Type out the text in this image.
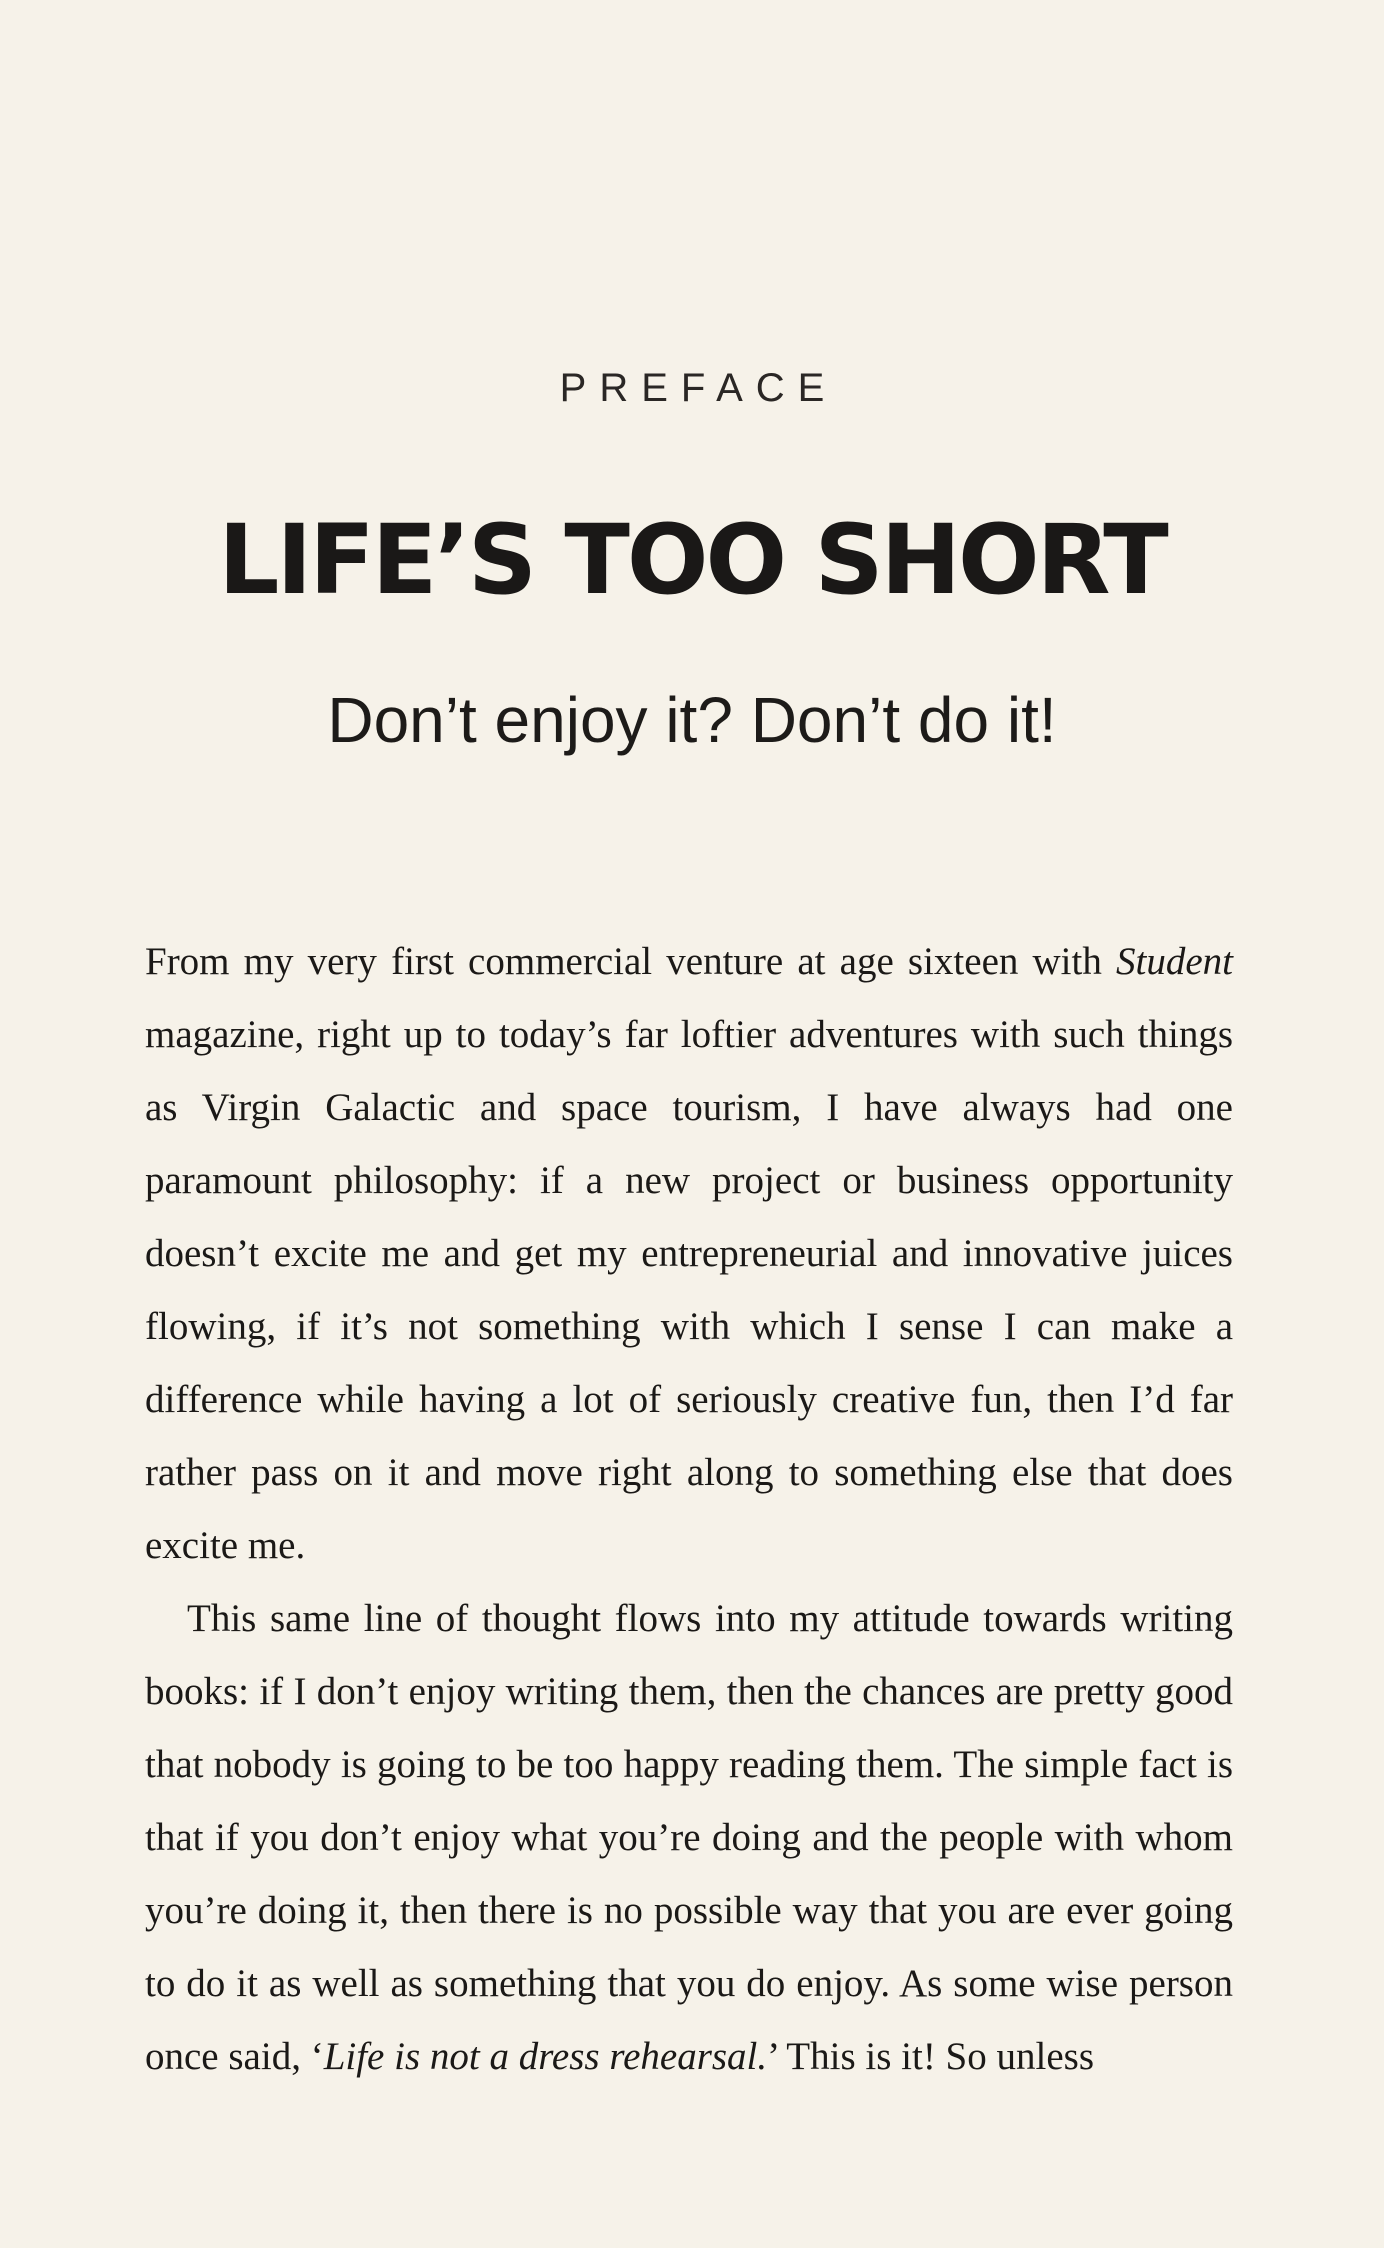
PREFACE
LIFE’S TOO SHORT
Don’t enjoy it? Don’t do it!

From my very first commercial venture at age sixteen with Student magazine, right up to today’s far loftier adventures with such things as Virgin Galactic and space tourism, I have always had one paramount philosophy: if a new project or business opportunity doesn’t excite me and get my entrepreneurial and innovative juices flowing, if it’s not something with which I sense I can make a difference while having a lot of seriously creative fun, then I’d far rather pass on it and move right along to something else that does excite me.

This same line of thought flows into my attitude towards writing books: if I don’t enjoy writing them, then the chances are pretty good that nobody is going to be too happy reading them. The simple fact is that if you don’t enjoy what you’re doing and the people with whom you’re doing it, then there is no possible way that you are ever going to do it as well as something that you do enjoy. As some wise person once said, ‘Life is not a dress rehearsal.’ This is it! So unless
